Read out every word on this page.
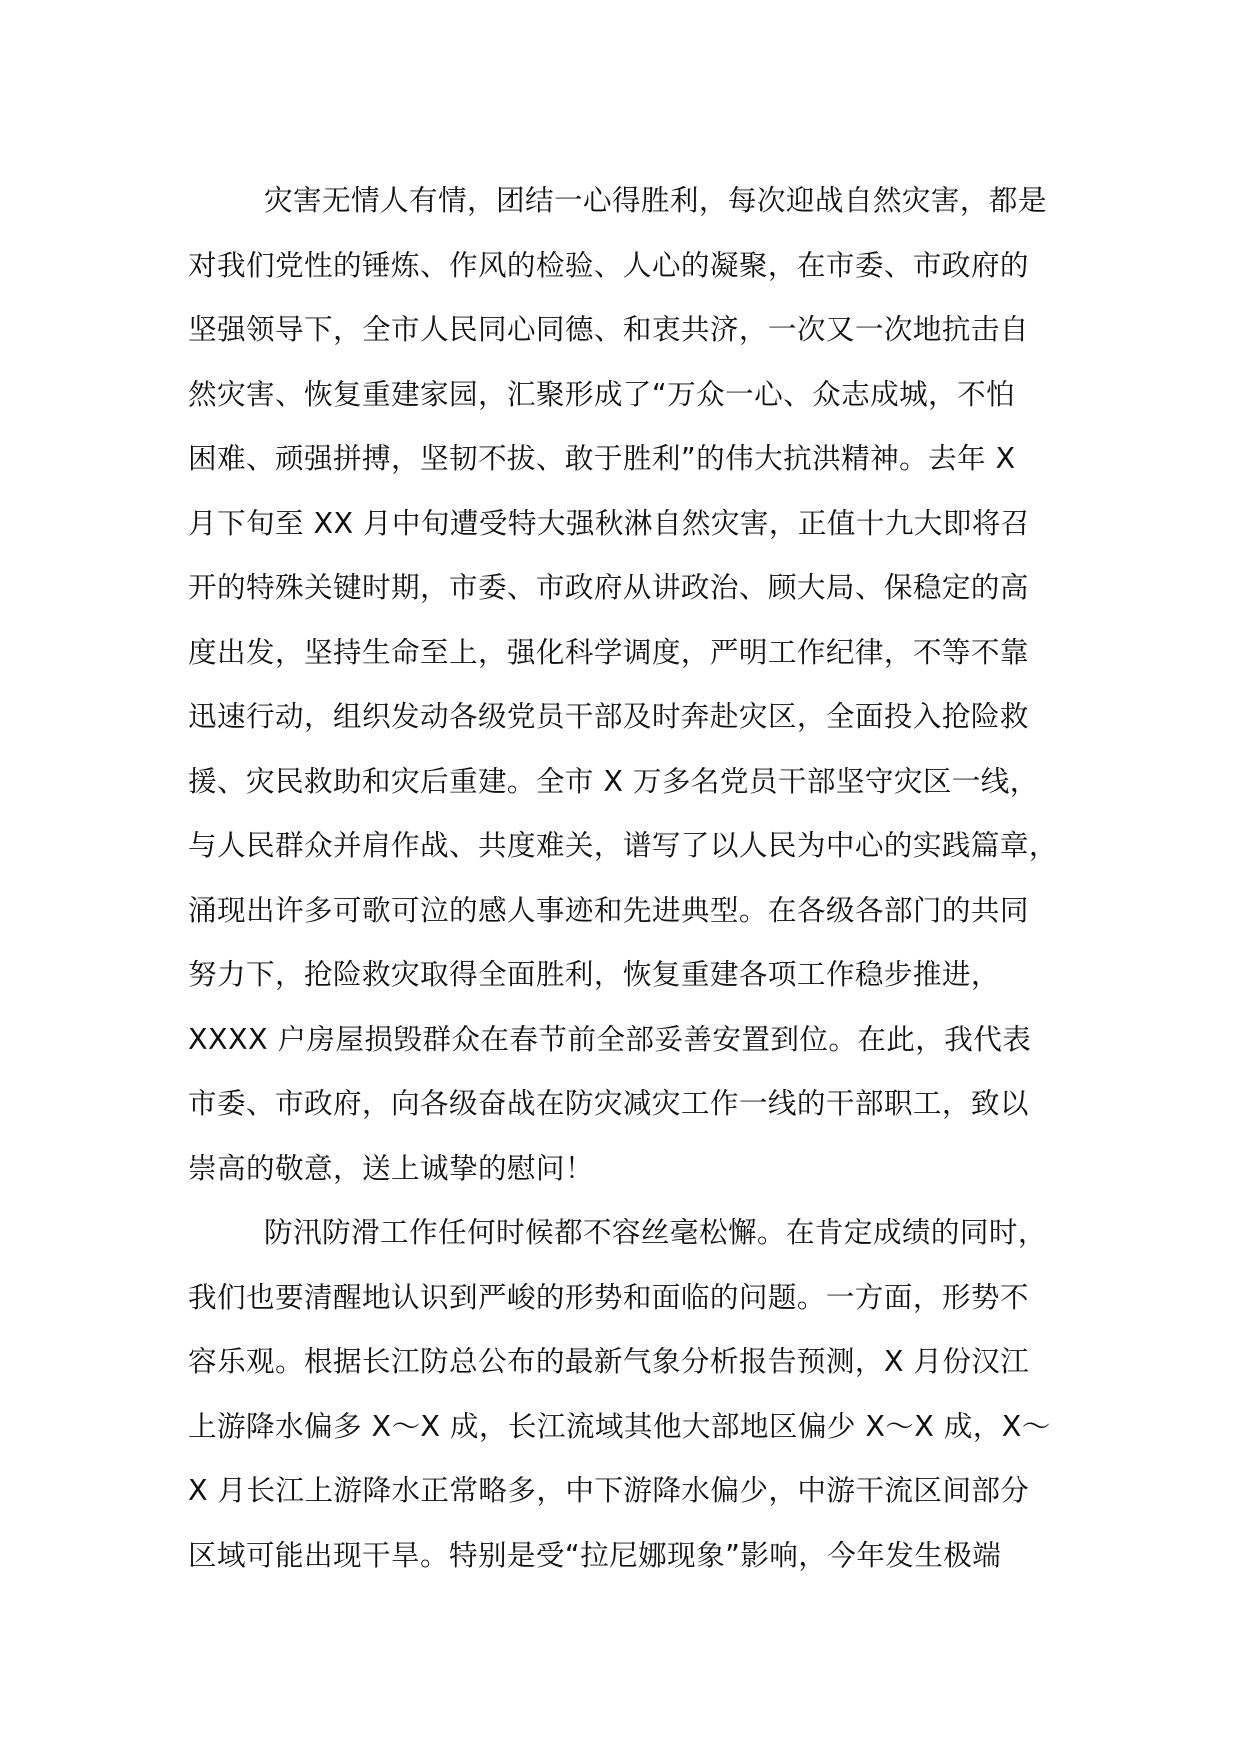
灾害无情人有情，团结一心得胜利，每次迎战自然灾害，都是
对我们党性的锤炼、作风的检验、人心的凝聚，在市委、市政府的
坚强领导下，全市人民同心同德、和衷共济，一次又一次地抗击自
然灾害、恢复重建家园，汇聚形成了“万众一心、众志成城，不怕
困难、顽强拼搏，坚韧不拔、敢于胜利”的伟大抗洪精神。去年 X
月下旬至 XX 月中旬遭受特大强秋淋自然灾害，正值十九大即将召
开的特殊关键时期，市委、市政府从讲政治、顾大局、保稳定的高
度出发，坚持生命至上，强化科学调度，严明工作纪律，不等不靠
迅速行动，组织发动各级党员干部及时奔赴灾区，全面投入抢险救
援、灾民救助和灾后重建。全市 X 万多名党员干部坚守灾区一线，
与人民群众并肩作战、共度难关，谱写了以人民为中心的实践篇章，
涌现出许多可歌可泣的感人事迹和先进典型。在各级各部门的共同
努力下，抢险救灾取得全面胜利，恢复重建各项工作稳步推进，
XXXX 户房屋损毁群众在春节前全部妥善安置到位。在此，我代表
市委、市政府，向各级奋战在防灾减灾工作一线的干部职工，致以
崇高的敬意，送上诚挚的慰问！
防汛防滑工作任何时候都不容丝毫松懈。在肯定成绩的同时，
我们也要清醒地认识到严峻的形势和面临的问题。一方面，形势不
容乐观。根据长江防总公布的最新气象分析报告预测，X 月份汉江
上游降水偏多 X～X 成，长江流域其他大部地区偏少 X～X 成，X～
X 月长江上游降水正常略多，中下游降水偏少，中游干流区间部分
区域可能出现干旱。特别是受“拉尼娜现象”影响，今年发生极端
